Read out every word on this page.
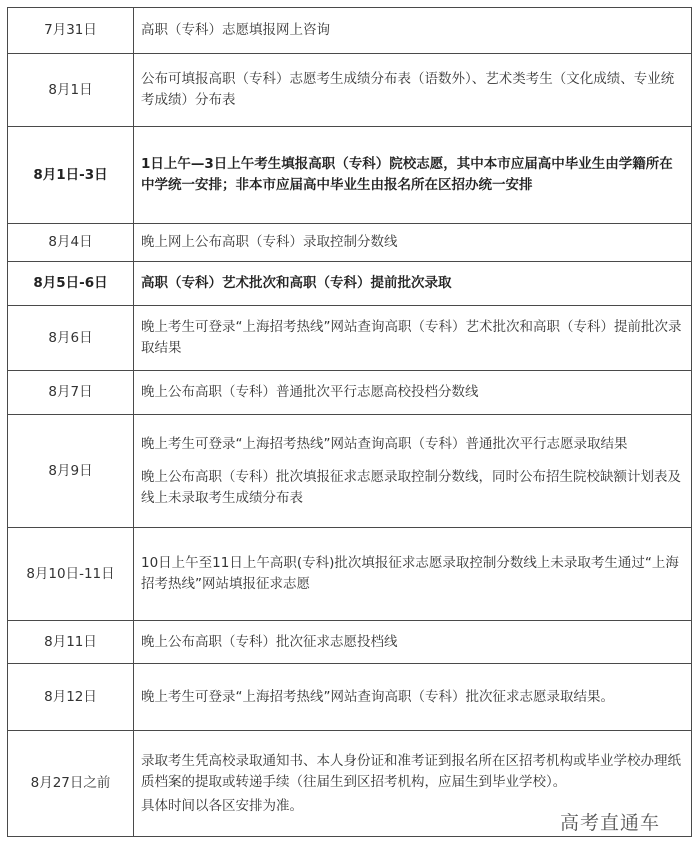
7月31日	高职（专科）志愿填报网上咨询

8月1日	公布可填报高职（专科）志愿考生成绩分布表（语数外）、艺术类考生（文化成绩、专业统考成绩）分布表

8月1日-3日	1日上午—3日上午考生填报高职（专科）院校志愿，其中本市应届高中毕业生由学籍所在中学统一安排；非本市应届高中毕业生由报名所在区招办统一安排

8月4日	晚上网上公布高职（专科）录取控制分数线

8月5日-6日	高职（专科）艺术批次和高职（专科）提前批次录取

8月6日	晚上考生可登录“上海招考热线”网站查询高职（专科）艺术批次和高职（专科）提前批次录取结果

8月7日	晚上公布高职（专科）普通批次平行志愿高校投档分数线

8月9日	晚上考生可登录“上海招考热线”网站查询高职（专科）普通批次平行志愿录取结果

晚上公布高职（专科）批次填报征求志愿录取控制分数线，同时公布招生院校缺额计划表及线上未录取考生成绩分布表

8月10日-11日	10日上午至11日上午高职(专科)批次填报征求志愿录取控制分数线上未录取考生通过“上海招考热线”网站填报征求志愿

8月11日	晚上公布高职（专科）批次征求志愿投档线

8月12日	晚上考生可登录“上海招考热线”网站查询高职（专科）批次征求志愿录取结果。

8月27日之前	录取考生凭高校录取通知书、本人身份证和准考证到报名所在区招考机构或毕业学校办理纸质档案的提取或转递手续（往届生到区招考机构，应届生到毕业学校）。

具体时间以各区安排为准。

高考直通车
